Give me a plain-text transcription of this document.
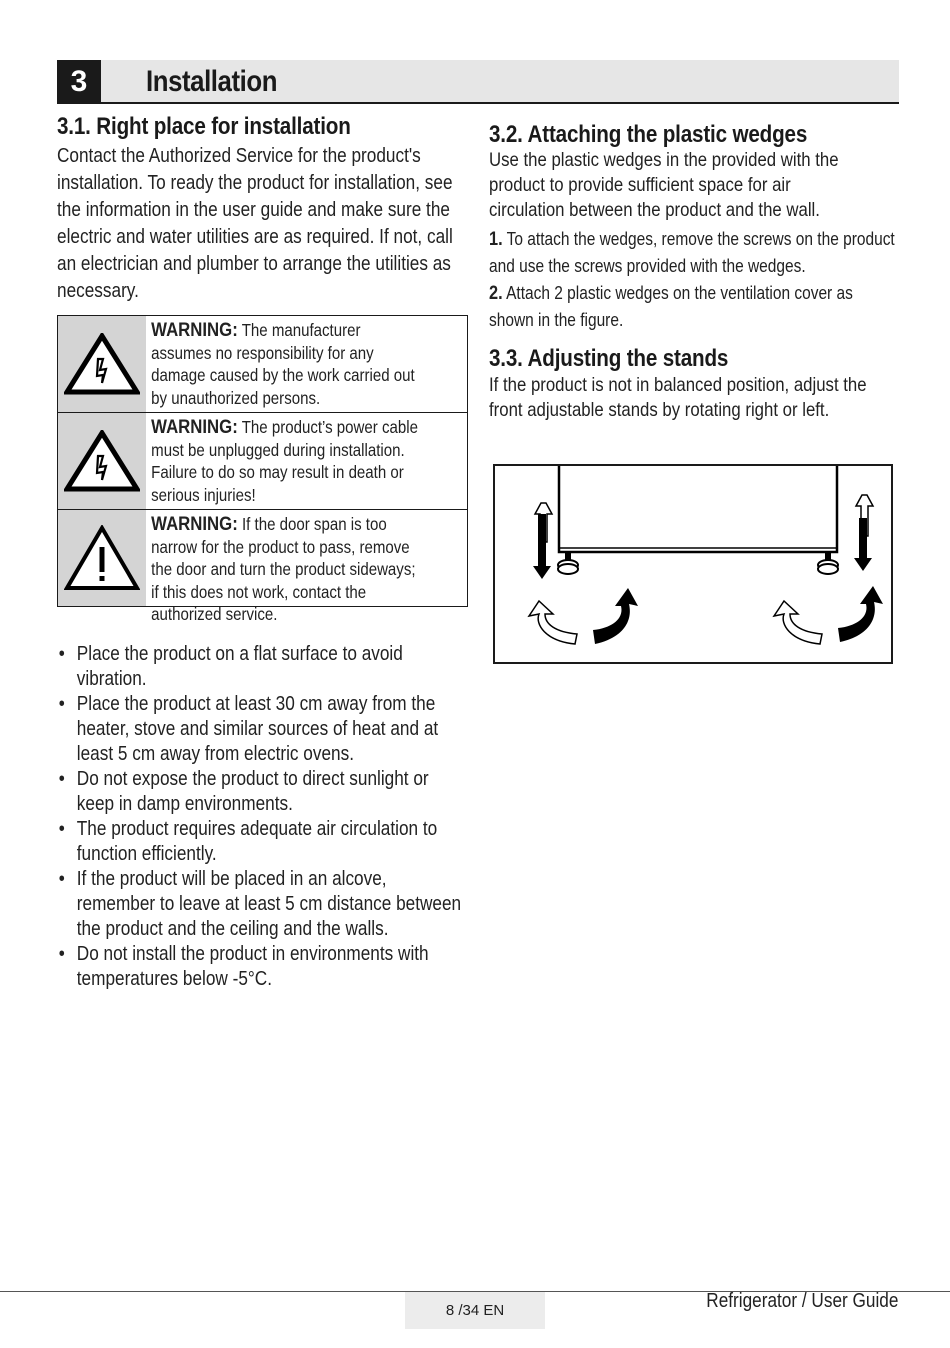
3	Installation
3.1. Right place for installation
Contact the Authorized Service for the product's installation. To ready the product for installation, see the information in the user guide and make sure the electric and water utilities are as required. If not, call an electrician and plumber to arrange the utilities as necessary.
WARNING: The manufacturer assumes no responsibility for any damage caused by the work carried out by unauthorized persons.
WARNING: The product’s power cable must be unplugged during installation. Failure to do so may result in death or serious injuries!
WARNING: If the door span is too narrow for the product to pass, remove the door and turn the product sideways; if this does not work, contact the authorized service.
• Place the product on a flat surface to avoid vibration.
• Place the product at least 30 cm away from the heater, stove and similar sources of heat and at least 5 cm away from electric ovens.
• Do not expose the product to direct sunlight or keep in damp environments.
• The product requires adequate air circulation to function efficiently.
• If the product will be placed in an alcove, remember to leave at least 5 cm distance between the product and the ceiling and the walls.
• Do not install the product in environments with temperatures below -5°C.
3.2. Attaching the plastic wedges
Use the plastic wedges in the provided with the product to provide sufficient space for air circulation between the product and the wall.
1. To attach the wedges, remove the screws on the product and use the screws provided with the wedges.
2. Attach 2 plastic wedges on the ventilation cover as shown in the figure.
3.3. Adjusting the stands
If the product is not in balanced position, adjust the front adjustable stands by rotating right or left.
8 /34 EN	Refrigerator / User Guide
